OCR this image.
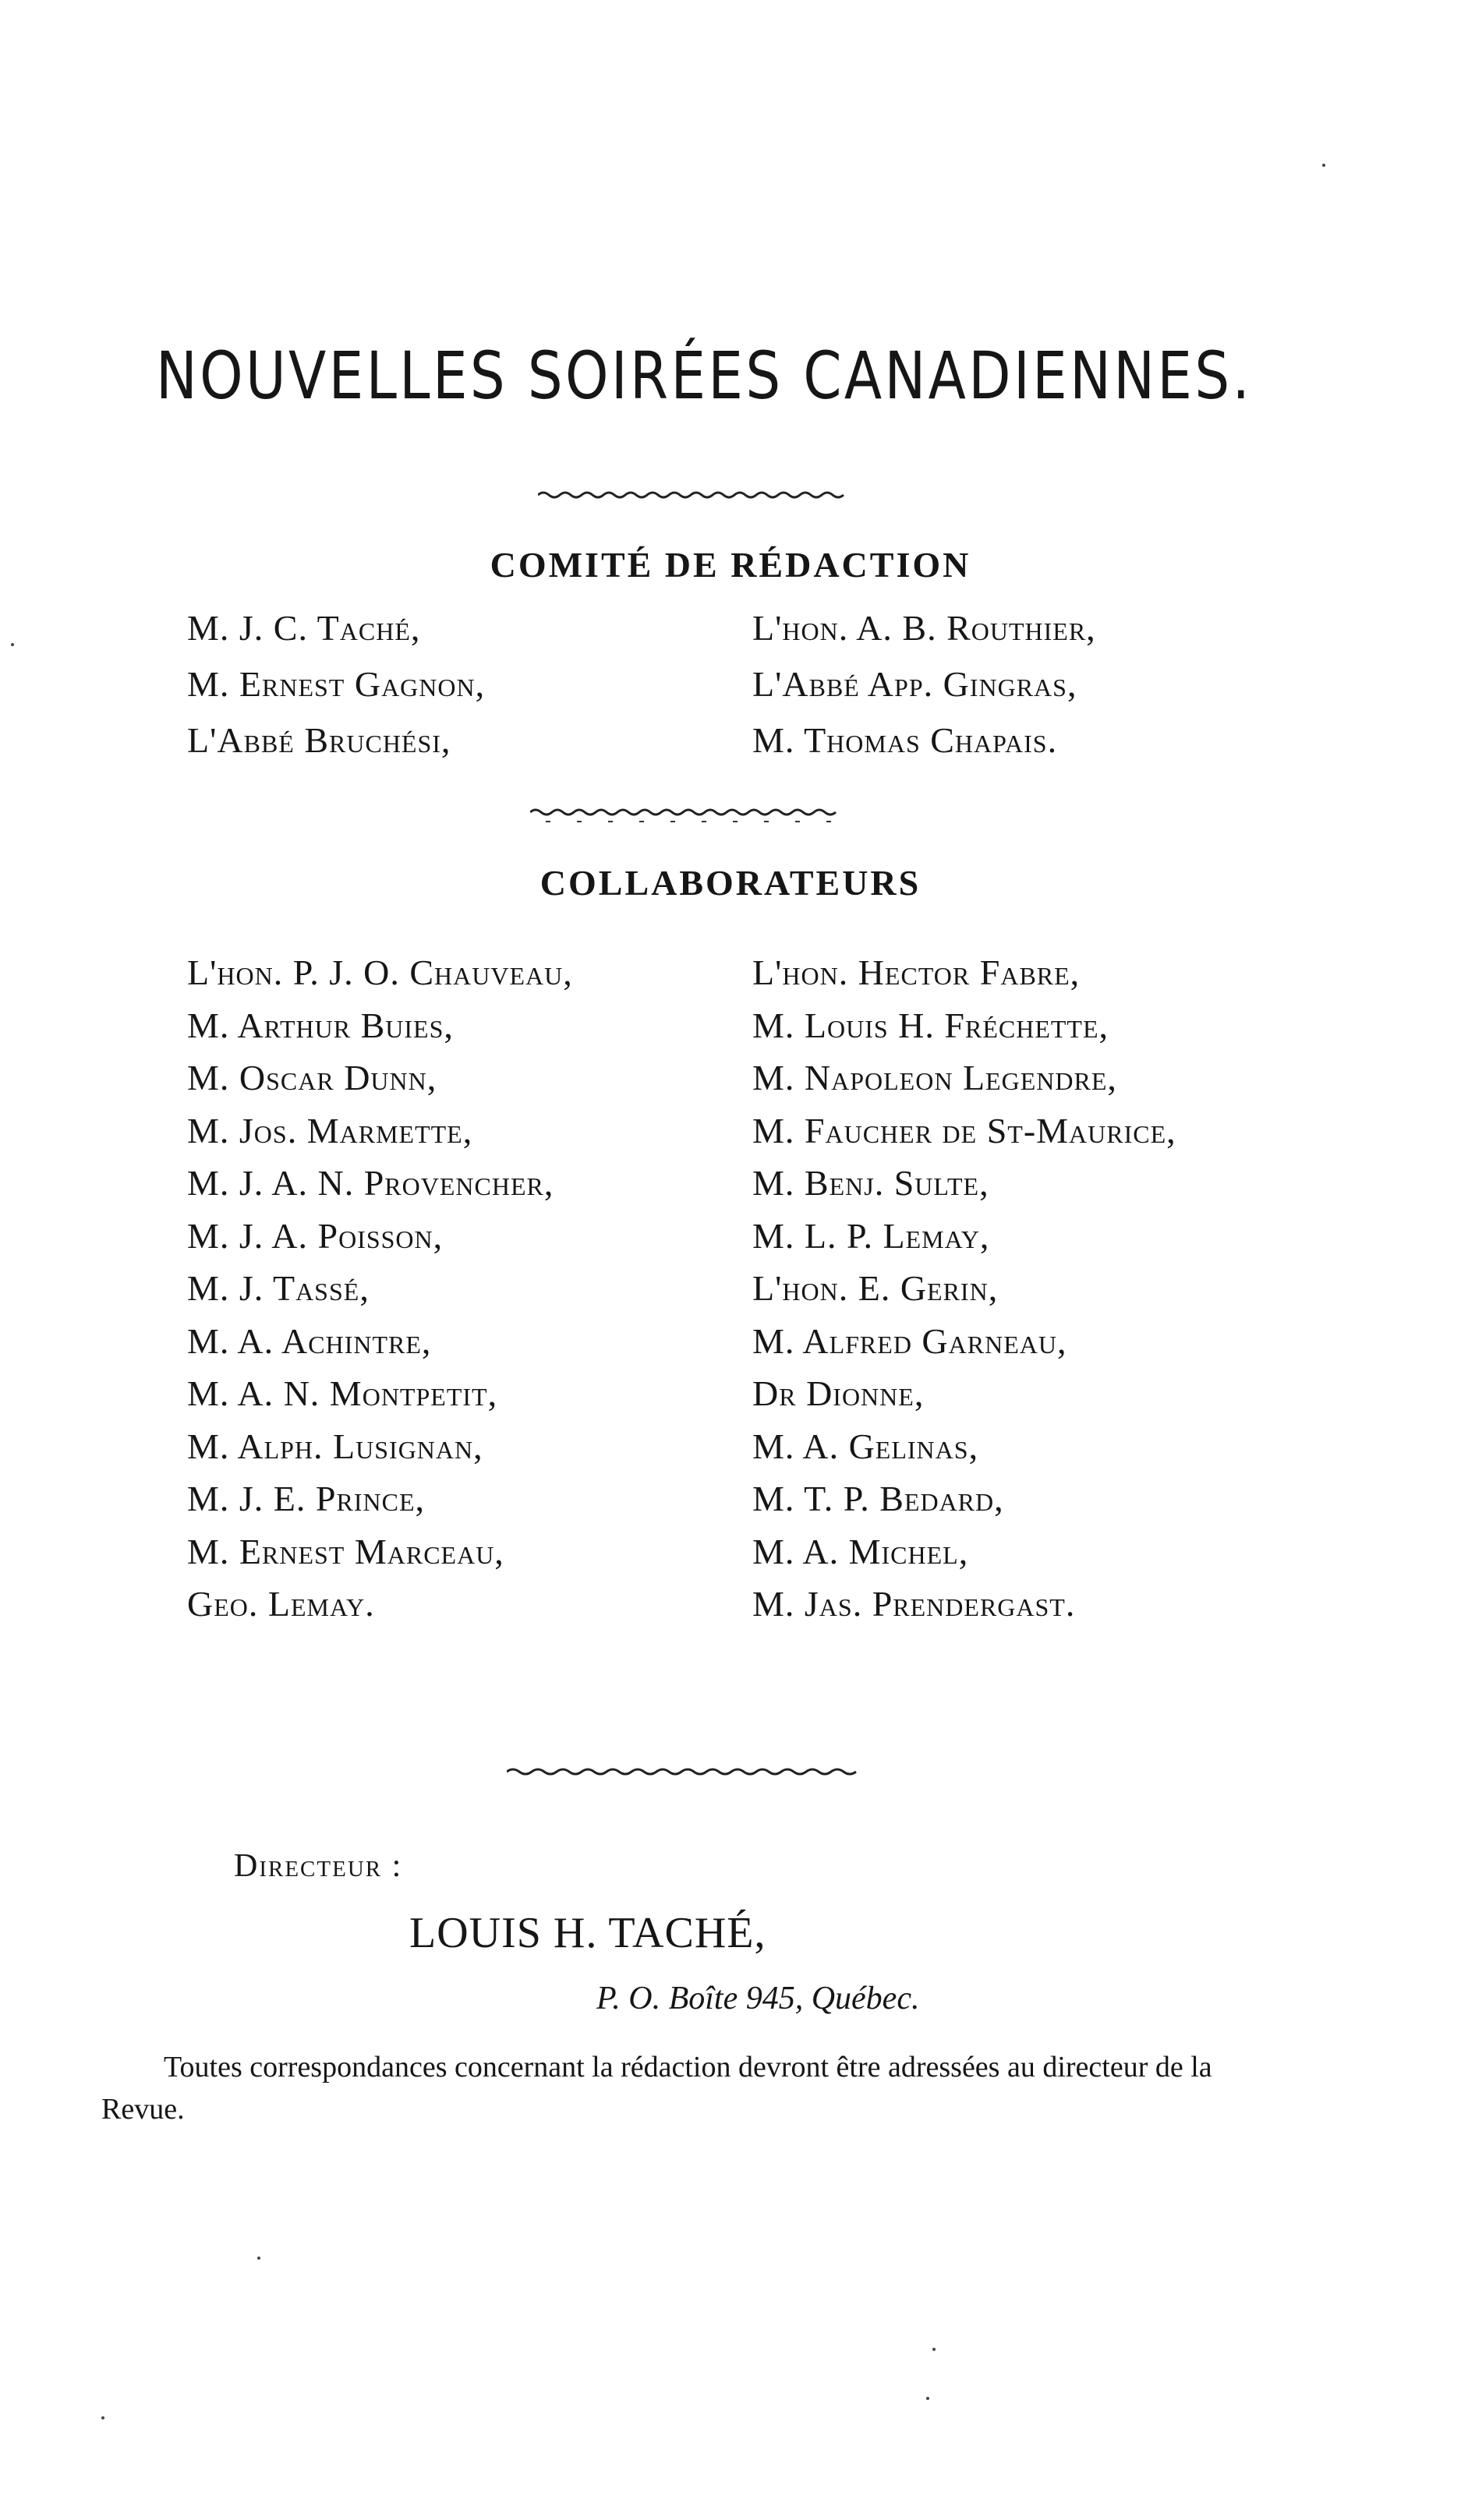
NOUVELLES SOIRÉES CANADIENNES.
COMITÉ DE RÉDACTION
M. J. C. Taché,
M. Ernest Gagnon,
L'Abbé Bruchési,
L'hon. A. B. Routhier,
L'Abbé App. Gingras,
M. Thomas Chapais.
COLLABORATEURS
L'hon. P. J. O. Chauveau,
M. Arthur Buies,
M. Oscar Dunn,
M. Jos. Marmette,
M. J. A. N. Provencher,
M. J. A. Poisson,
M. J. Tassé,
M. A. Achintre,
M. A. N. Montpetit,
M. Alph. Lusignan,
M. J. E. Prince,
M. Ernest Marceau,
Geo. Lemay.
L'hon. Hector Fabre,
M. Louis H. Fréchette,
M. Napoleon Legendre,
M. Faucher de St-Maurice,
M. Benj. Sulte,
M. L. P. Lemay,
L'hon. E. Gerin,
M. Alfred Garneau,
Dr Dionne,
M. A. Gelinas,
M. T. P. Bedard,
M. A. Michel,
M. Jas. Prendergast.

Directeur :

LOUIS H. TACHÉ,

P. O. Boîte 945, Québec.

Toutes correspondances concernant la rédaction devront être adressées au directeur de la Revue.
